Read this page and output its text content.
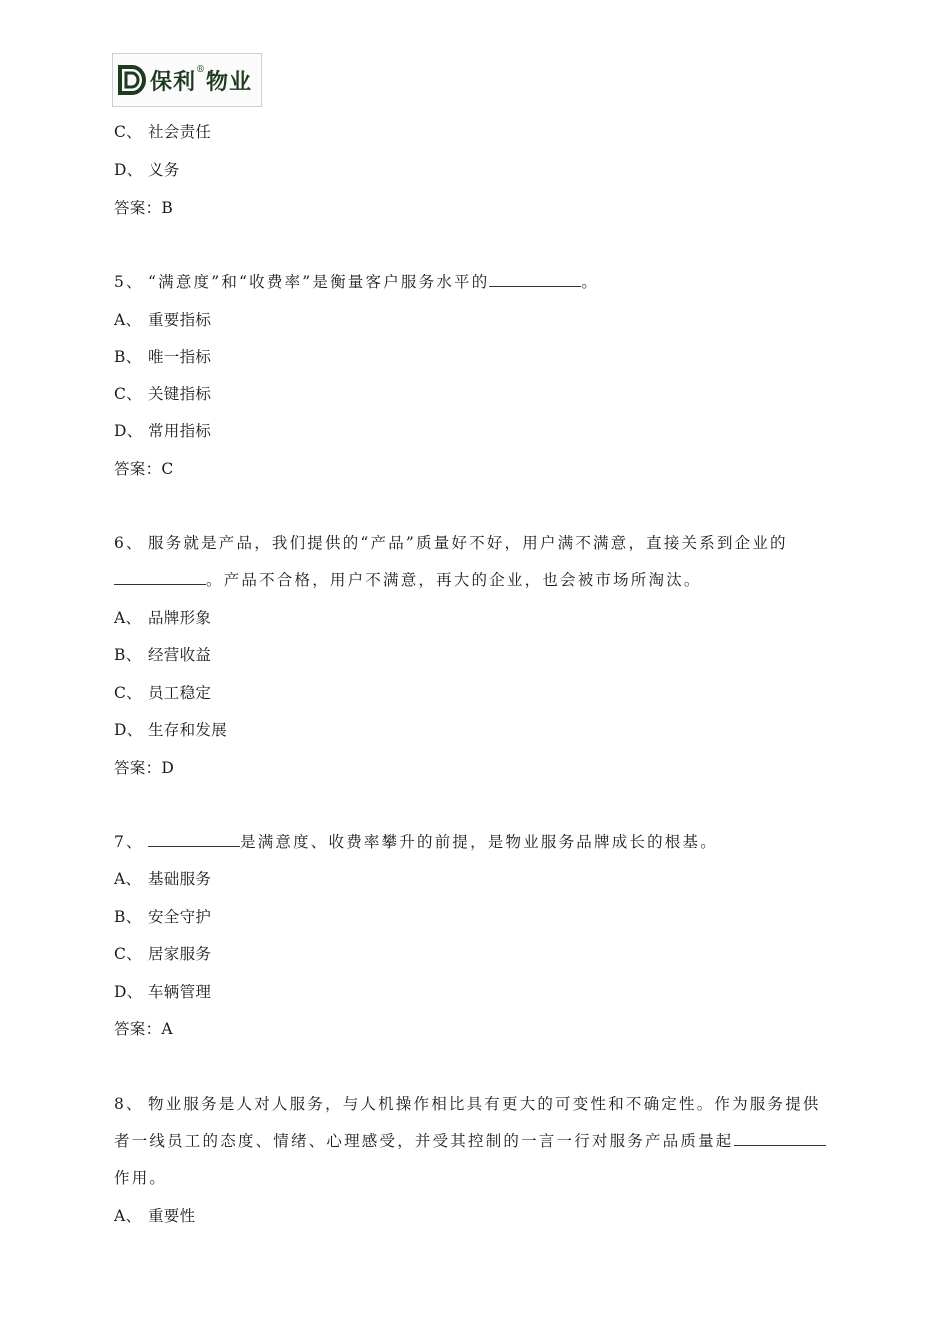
保利®物业
C、 社会责任
D、 义务
答案：B
5、 “满意度”和“收费率”是衡量客户服务水平的	。
A、 重要指标
B、 唯一指标
C、 关键指标
D、 常用指标
答案：C
6、 服务就是产品，我们提供的“产品”质量好不好，用户满不满意，直接关系到企业的
。产品不合格，用户不满意，再大的企业，也会被市场所淘汰。
A、 品牌形象
B、 经营收益
C、 员工稳定
D、 生存和发展
答案：D
7、	是满意度、收费率攀升的前提，是物业服务品牌成长的根基。
A、 基础服务
B、 安全守护
C、 居家服务
D、 车辆管理
答案：A
8、 物业服务是人对人服务，与人机操作相比具有更大的可变性和不确定性。作为服务提供
者一线员工的态度、情绪、心理感受，并受其控制的一言一行对服务产品质量起
作用。
A、 重要性
